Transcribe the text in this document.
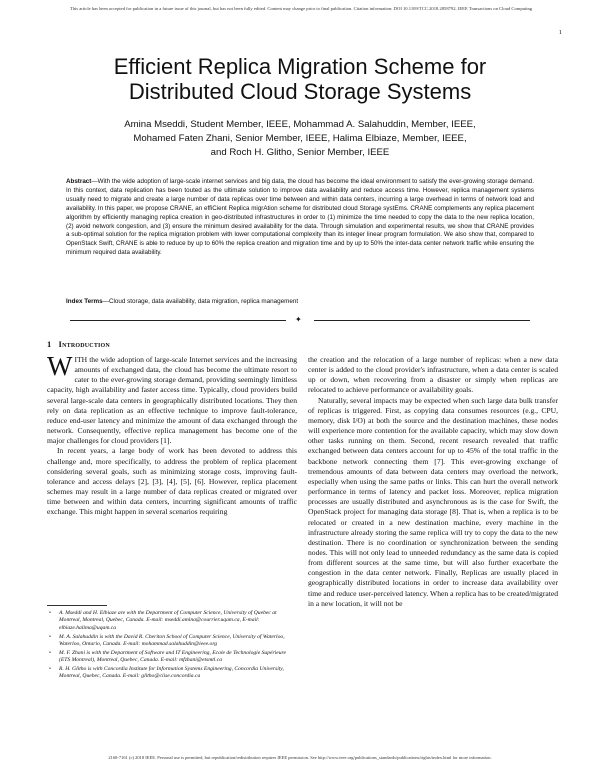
This article has been accepted for publication in a future issue of this journal, but has not been fully edited. Content may change prior to final publication. Citation information: DOI 10.1109/TCC.2018.2858792, IEEE Transactions on Cloud Computing
1
Efficient Replica Migration Scheme for Distributed Cloud Storage Systems
Amina Mseddi, Student Member, IEEE, Mohammad A. Salahuddin, Member, IEEE,
Mohamed Faten Zhani, Senior Member, IEEE, Halima Elbiaze, Member, IEEE,
and Roch H. Glitho, Senior Member, IEEE
Abstract—With the wide adoption of large-scale internet services and big data, the cloud has become the ideal environment to satisfy the ever-growing storage demand. In this context, data replication has been touted as the ultimate solution to improve data availability and reduce access time. However, replica management systems usually need to migrate and create a large number of data replicas over time between and within data centers, incurring a large overhead in terms of network load and availability. In this paper, we propose CRANE, an effiCient Replica migrAtion scheme for distributed cloud Storage systEms. CRANE complements any replica placement algorithm by efficiently managing replica creation in geo-distributed infrastructures in order to (1) minimize the time needed to copy the data to the new replica location, (2) avoid network congestion, and (3) ensure the minimum desired availability for the data. Through simulation and experimental results, we show that CRANE provides a sub-optimal solution for the replica migration problem with lower computational complexity than its integer linear program formulation. We also show that, compared to OpenStack Swift, CRANE is able to reduce by up to 60% the replica creation and migration time and by up to 50% the inter-data center network traffic while ensuring the minimum required data availability.
Index Terms—Cloud storage, data availability, data migration, replica management
✦
1 Introduction

WITH the wide adoption of large-scale Internet services and the increasing amounts of exchanged data, the cloud has become the ultimate resort to cater to the ever-growing storage demand, providing seemingly limitless capacity, high availability and faster access time. Typically, cloud providers build several large-scale data centers in geographically distributed locations. They then rely on data replication as an effective technique to improve fault-tolerance, reduce end-user latency and minimize the amount of data exchanged through the network. Consequently, effective replica management has become one of the major challenges for cloud providers [1].

In recent years, a large body of work has been devoted to address this challenge and, more specifically, to address the problem of replica placement considering several goals, such as minimizing storage costs, improving fault-tolerance and access delays [2], [3], [4], [5], [6]. However, replica placement schemes may result in a large number of data replicas created or migrated over time between and within data centers, incurring significant amounts of traffic exchange. This might happen in several scenarios requiring

• A. Mseddi and H. Elbiaze are with the Department of Computer Science, University of Quebec at Montreal, Montreal, Quebec, Canada. E-mail: mseddi.amina@courrier.uqam.ca, E-mail: elbiaze.halima@uqam.ca
• M. A. Salahuddin is with the David R. Cheriton School of Computer Science, University of Waterloo, Waterloo, Ontario, Canada. E-mail: mohammad.salahuddin@ieee.org
• M. F. Zhani is with the Department of Software and IT Engineering, Ecole de Technologie Supérieure (ETS Montreal), Montreal, Quebec, Canada. E-mail: mfzhani@etsmtl.ca
• R. H. Glitho is with Concordia Institute for Information Systems Engineering, Concordia University, Montreal, Quebec, Canada. E-mail: glitho@ciise.concordia.ca

the creation and the relocation of a large number of replicas: when a new data center is added to the cloud provider's infrastructure, when a data center is scaled up or down, when recovering from a disaster or simply when replicas are relocated to achieve performance or availability goals.

Naturally, several impacts may be expected when such large data bulk transfer of replicas is triggered. First, as copying data consumes resources (e.g., CPU, memory, disk I/O) at both the source and the destination machines, these nodes will experience more contention for the available capacity, which may slow down other tasks running on them. Second, recent research revealed that traffic exchanged between data centers account for up to 45% of the total traffic in the backbone network connecting them [7]. This ever-growing exchange of tremendous amounts of data between data centers may overload the network, especially when using the same paths or links. This can hurt the overall network performance in terms of latency and packet loss. Moreover, replica migration processes are usually distributed and asynchronous as is the case for Swift, the OpenStack project for managing data storage [8]. That is, when a replica is to be relocated or created in a new destination machine, every machine in the infrastructure already storing the same replica will try to copy the data to the new destination. There is no coordination or synchronization between the sending nodes. This will not only lead to unneeded redundancy as the same data is copied from different sources at the same time, but will also further exacerbate the congestion in the data center network. Finally, Replicas are usually placed in geographically distributed locations in order to increase data availability over time and reduce user-perceived latency. When a replica has to be created/migrated in a new location, it will not be

2168-7161 (c) 2018 IEEE. Personal use is permitted, but republication/redistribution requires IEEE permission. See http://www.ieee.org/publications_standards/publications/rights/index.html for more information.
